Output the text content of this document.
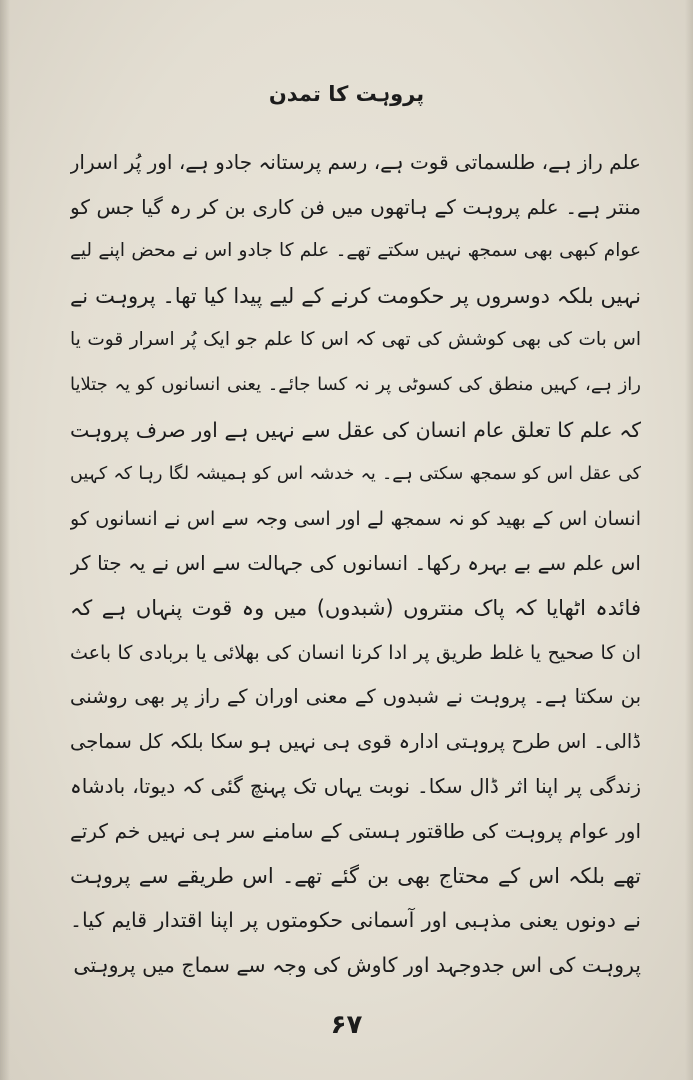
پروہت کا تمدن
علم راز ہے، طلسماتی قوت ہے، رسم پرستانہ جادو ہے، اور پُر اسرار
منتر ہے۔ علم پروہت کے ہاتھوں میں فن کاری بن کر رہ گیا جس کو
عوام کبھی بھی سمجھ نہیں سکتے تھے۔ علم کا جادو اس نے محض اپنے لیے
نہیں بلکہ دوسروں پر حکومت کرنے کے لیے پیدا کیا تھا۔ پروہت نے
اس بات کی بھی کوشش کی تھی کہ اس کا علم جو ایک پُر اسرار قوت یا
راز ہے، کہیں منطق کی کسوٹی پر نہ کسا جائے۔ یعنی انسانوں کو یہ جتلایا
کہ علم کا تعلق عام انسان کی عقل سے نہیں ہے اور صرف پروہت
کی عقل اس کو سمجھ سکتی ہے۔ یہ خدشہ اس کو ہمیشہ لگا رہا کہ کہیں
انسان اس کے بھید کو نہ سمجھ لے اور اسی وجہ سے اس نے انسانوں کو
اس علم سے بے بہرہ رکھا۔ انسانوں کی جہالت سے اس نے یہ جتا کر
فائدہ اٹھایا کہ پاک منتروں (شبدوں) میں وہ قوت پنہاں ہے کہ
ان کا صحیح یا غلط طریق پر ادا کرنا انسان کی بھلائی یا بربادی کا باعث
بن سکتا ہے۔ پروہت نے شبدوں کے معنی اوران کے راز پر بھی روشنی
ڈالی۔ اس طرح پروہتی ادارہ قوی ہی نہیں ہو سکا بلکہ کل سماجی
زندگی پر اپنا اثر ڈال سکا۔ نوبت یہاں تک پہنچ گئی کہ دیوتا، بادشاہ
اور عوام پروہت کی طاقتور ہستی کے سامنے سر ہی نہیں خم کرتے
تھے بلکہ اس کے محتاج بھی بن گئے تھے۔ اس طریقے سے پروہت
نے دونوں یعنی مذہبی اور آسمانی حکومتوں پر اپنا اقتدار قایم کیا۔
پروہت کی اس جدوجہد اور کاوش کی وجہ سے سماج میں پروہتی
۶۷
